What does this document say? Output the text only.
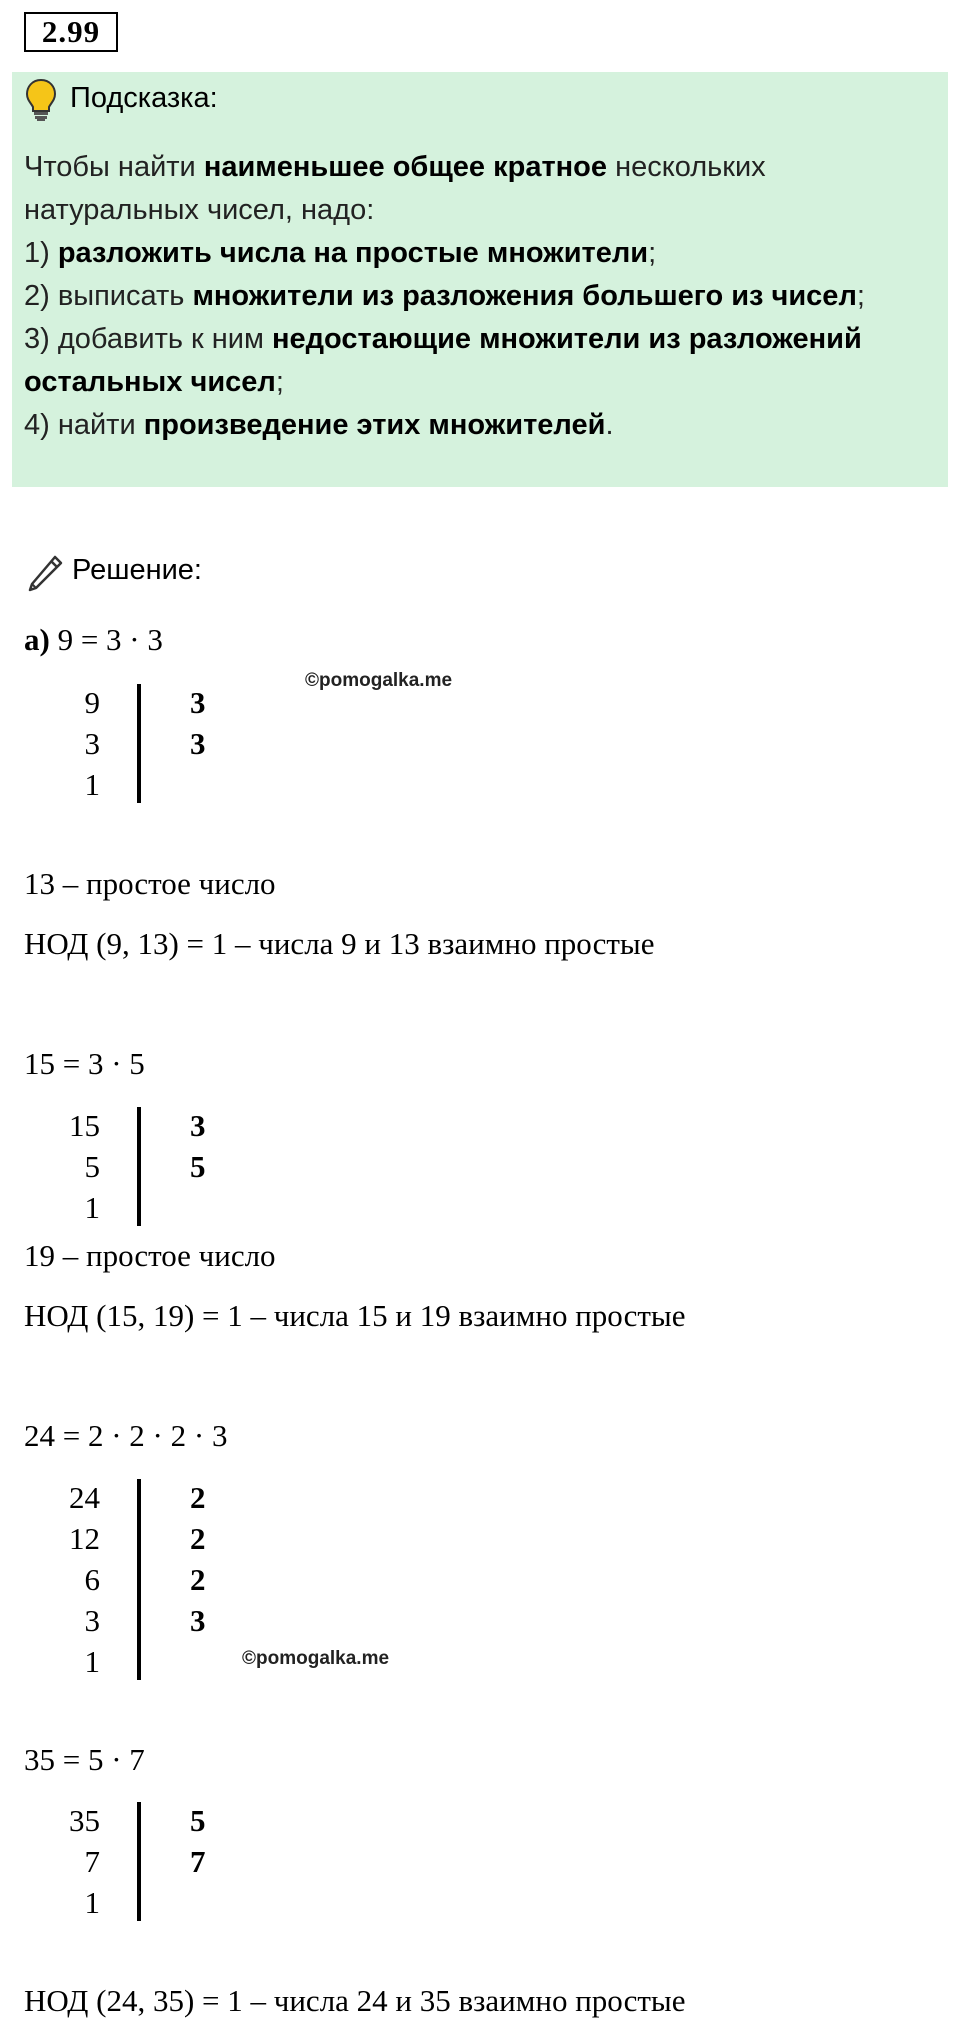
2.99
Подсказка:

Чтобы найти наименьшее общее кратное нескольких натуральных чисел, надо:

1) разложить числа на простые множители;

2) выписать множители из разложения большего из чисел;

3) добавить к ним недостающие множители из разложений остальных чисел;

4) найти произведение этих множителей.

Решение:
а) 9 = 3 · 3
©pomogalka.me
9	3
3	3
1
13 – простое число
НОД (9, 13) = 1 – числа 9 и 13 взаимно простые
15 = 3 · 5
15	3
5	5
1
19 – простое число
НОД (15, 19) = 1 – числа 15 и 19 взаимно простые
24 = 2 · 2 · 2 · 3
24	2
12	2
6	2
3	3
1	©pomogalka.me
35 = 5 · 7
35	5
7	7
1
НОД (24, 35) = 1 – числа 24 и 35 взаимно простые
